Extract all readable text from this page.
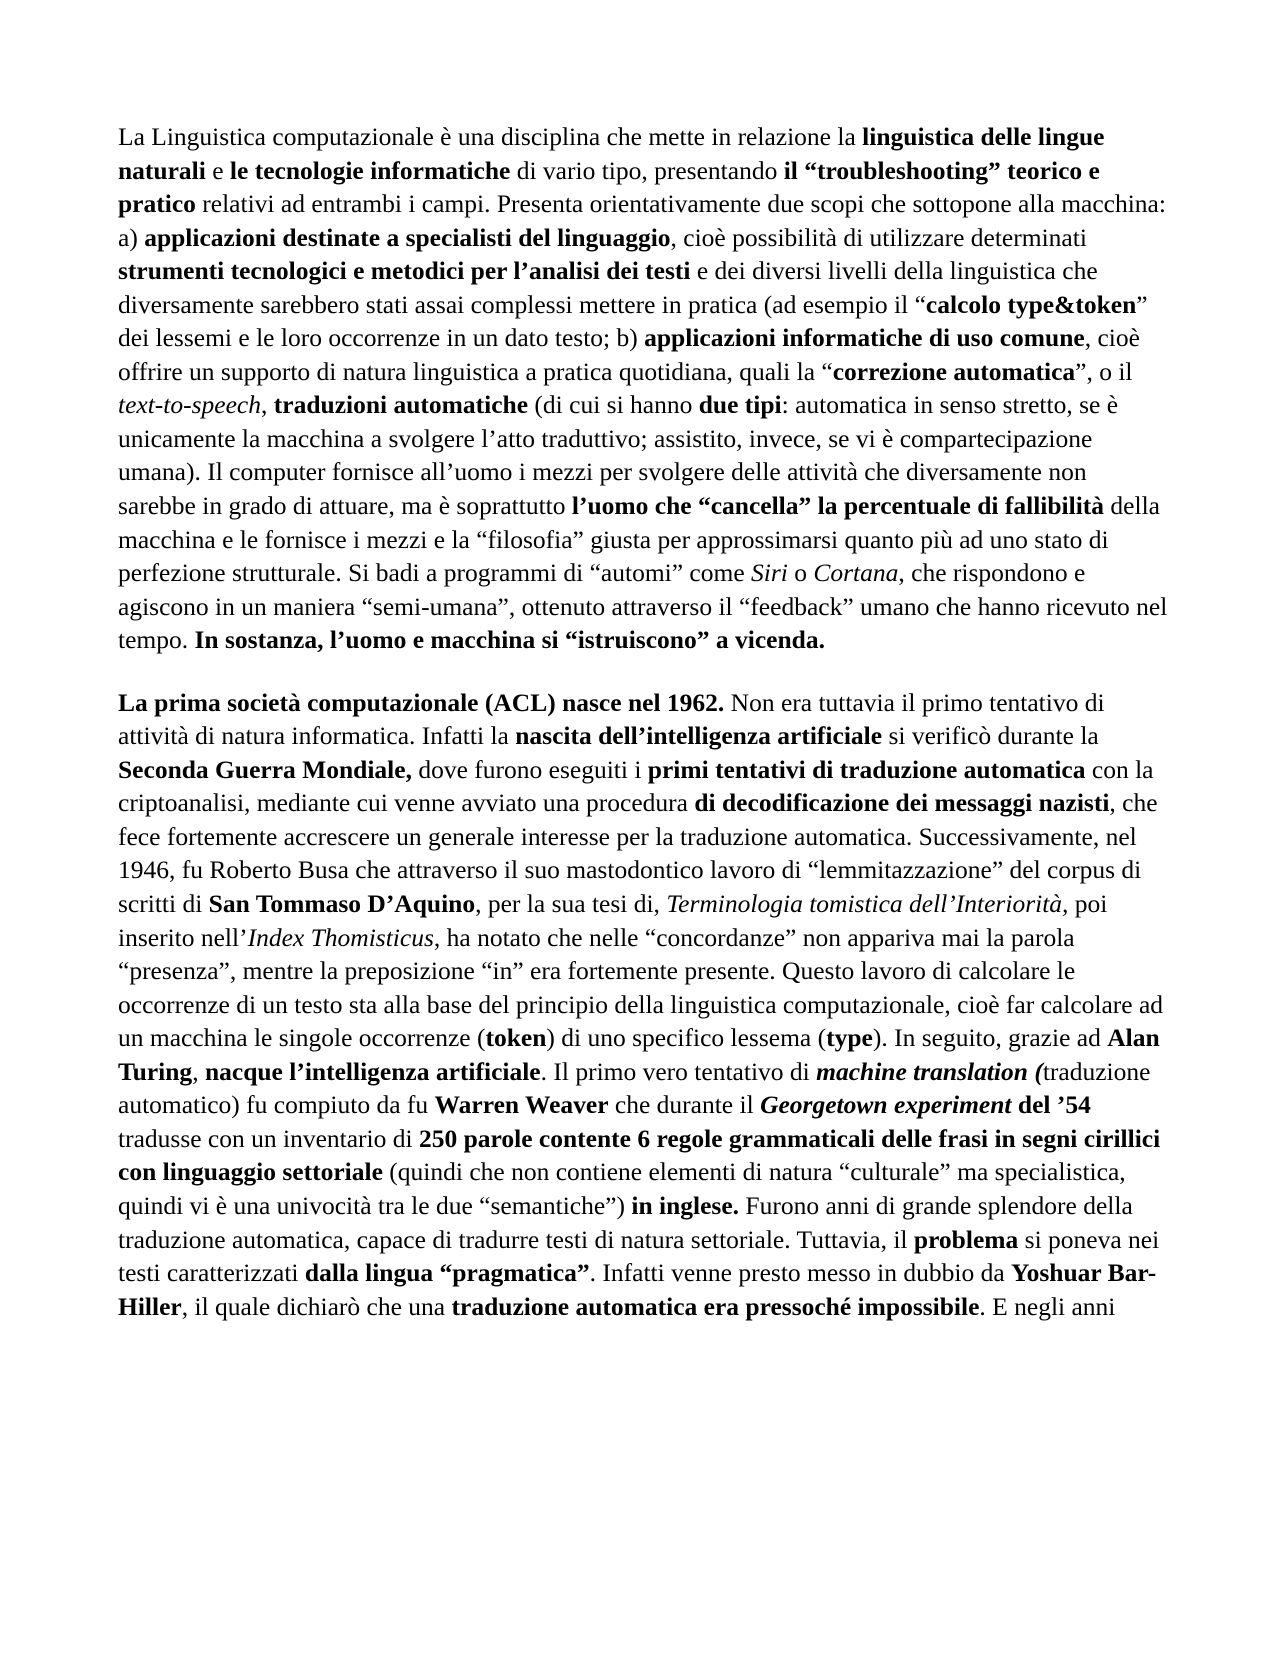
La Linguistica computazionale è una disciplina che mette in relazione la linguistica delle lingue naturali e le tecnologie informatiche di vario tipo, presentando il “troubleshooting” teorico e pratico relativi ad entrambi i campi. Presenta orientativamente due scopi che sottopone alla macchina: a) applicazioni destinate a specialisti del linguaggio, cioè possibilità di utilizzare determinati strumenti tecnologici e metodici per l’analisi dei testi e dei diversi livelli della linguistica che diversamente sarebbero stati assai complessi mettere in pratica (ad esempio il “calcolo type&token” dei lessemi e le loro occorrenze in un dato testo; b) applicazioni informatiche di uso comune, cioè offrire un supporto di natura linguistica a pratica quotidiana, quali la “correzione automatica”, o il text-to-speech, traduzioni automatiche (di cui si hanno due tipi: automatica in senso stretto, se è unicamente la macchina a svolgere l’atto traduttivo; assistito, invece, se vi è compartecipazione umana). Il computer fornisce all’uomo i mezzi per svolgere delle attività che diversamente non sarebbe in grado di attuare, ma è soprattutto l’uomo che “cancella” la percentuale di fallibilità della macchina e le fornisce i mezzi e la “filosofia” giusta per approssimarsi quanto più ad uno stato di perfezione strutturale. Si badi a programmi di “automi” come Siri o Cortana, che rispondono e agiscono in un maniera “semi-umana”, ottenuto attraverso il “feedback” umano che hanno ricevuto nel tempo. In sostanza, l’uomo e macchina si “istruiscono” a vicenda.

La prima società computazionale (ACL) nasce nel 1962. Non era tuttavia il primo tentativo di attività di natura informatica. Infatti la nascita dell’intelligenza artificiale si verificò durante la Seconda Guerra Mondiale, dove furono eseguiti i primi tentativi di traduzione automatica con la criptoanalisi, mediante cui venne avviato una procedura di decodificazione dei messaggi nazisti, che fece fortemente accrescere un generale interesse per la traduzione automatica. Successivamente, nel 1946, fu Roberto Busa che attraverso il suo mastodontico lavoro di “lemmitazzazione” del corpus di scritti di San Tommaso D’Aquino, per la sua tesi di, Terminologia tomistica dell’Interiorità, poi inserito nell’Index Thomisticus, ha notato che nelle “concordanze” non appariva mai la parola “presenza”, mentre la preposizione “in” era fortemente presente. Questo lavoro di calcolare le occorrenze di un testo sta alla base del principio della linguistica computazionale, cioè far calcolare ad un macchina le singole occorrenze (token) di uno specifico lessema (type). In seguito, grazie ad Alan Turing, nacque l’intelligenza artificiale. Il primo vero tentativo di machine translation (traduzione automatico) fu compiuto da fu Warren Weaver che durante il Georgetown experiment del ’54 tradusse con un inventario di 250 parole contente 6 regole grammaticali delle frasi in segni cirillici con linguaggio settoriale (quindi che non contiene elementi di natura “culturale” ma specialistica, quindi vi è una univocità tra le due “semantiche”) in inglese. Furono anni di grande splendore della traduzione automatica, capace di tradurre testi di natura settoriale. Tuttavia, il problema si poneva nei testi caratterizzati dalla lingua “pragmatica”. Infatti venne presto messo in dubbio da Yoshuar Bar-Hiller, il quale dichiarò che una traduzione automatica era pressoché impossibile. E negli anni
